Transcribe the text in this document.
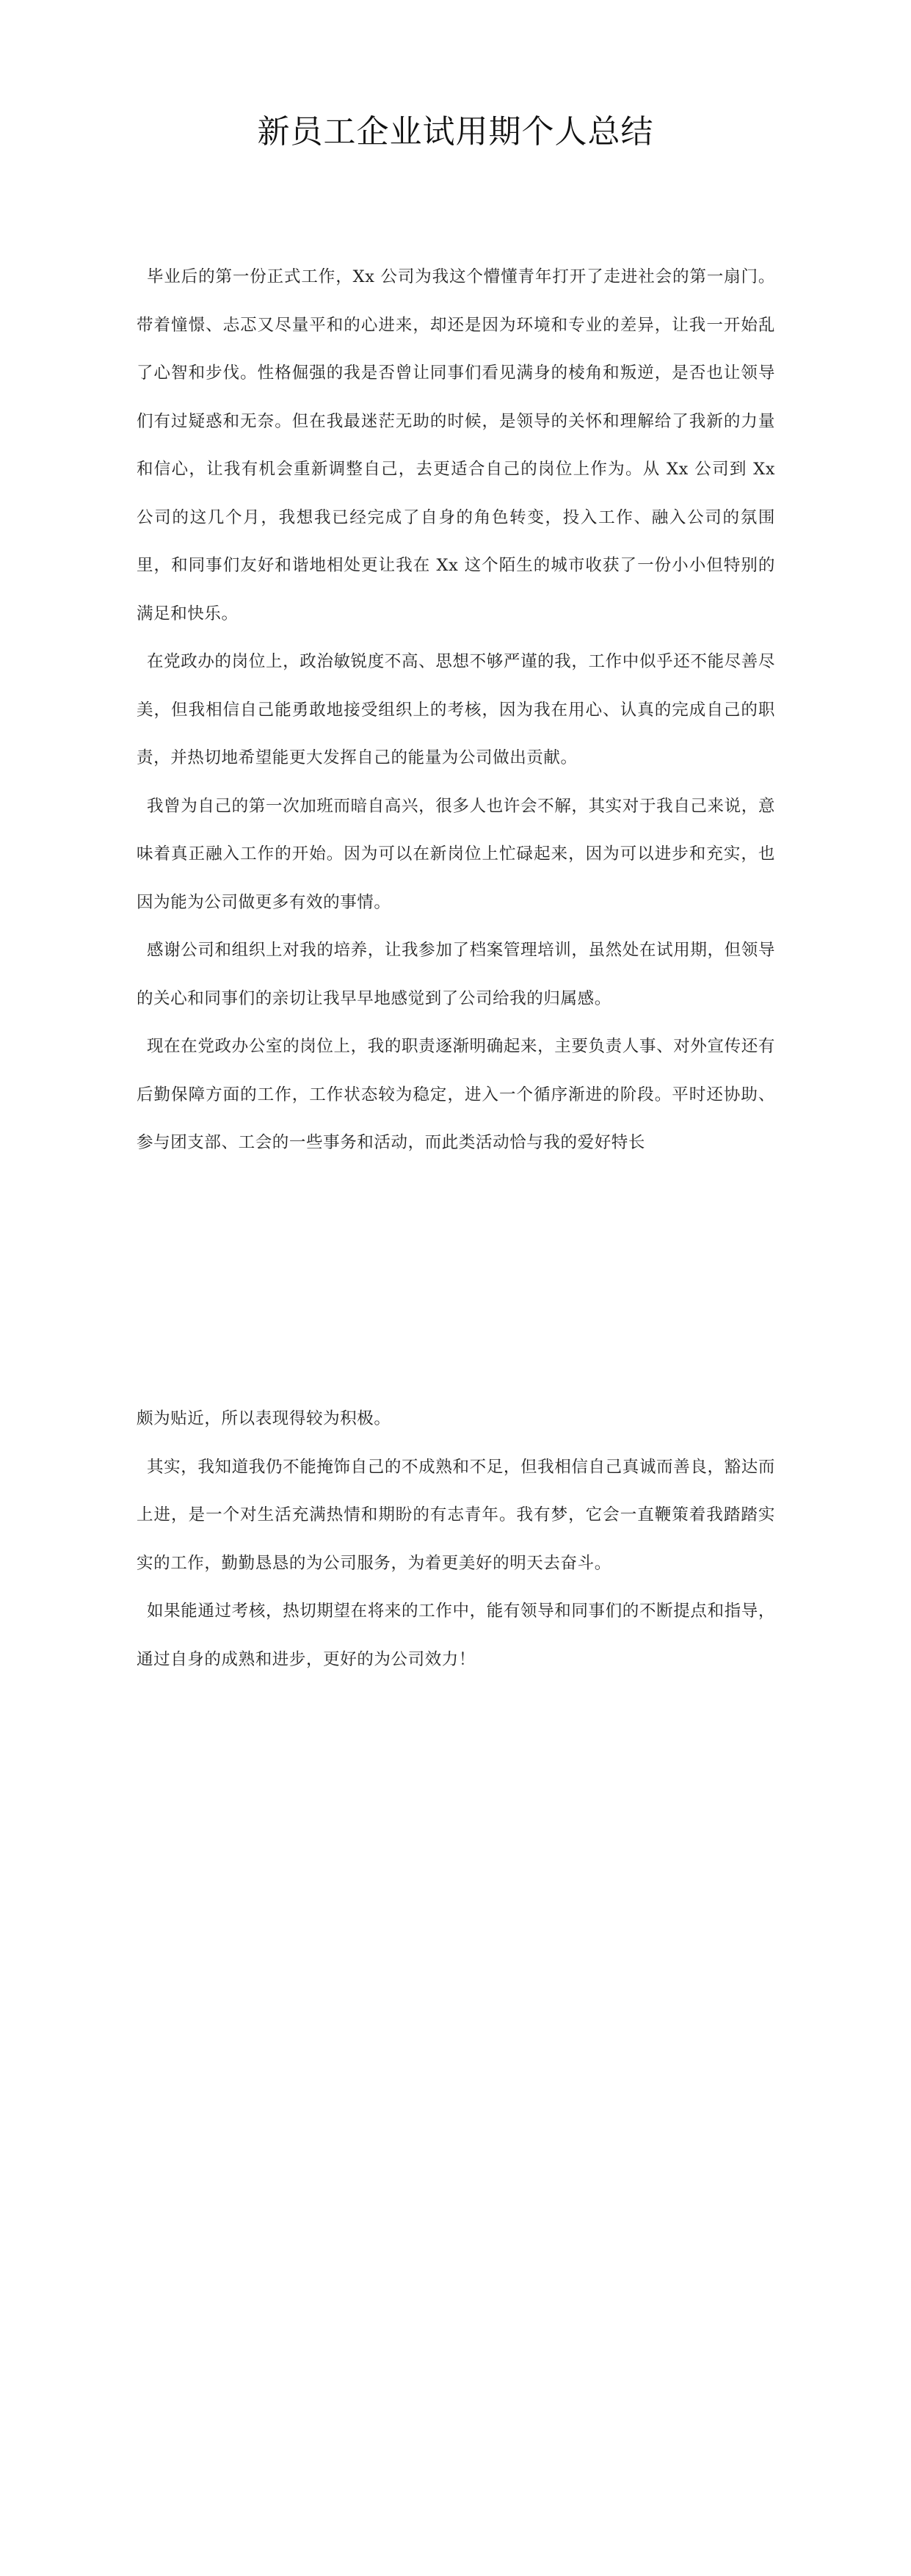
新员工企业试用期个人总结

毕业后的第一份正式工作，Xx 公司为我这个懵懂青年打开了走进社会的第一扇门。带着憧憬、忐忑又尽量平和的心进来，却还是因为环境和专业的差异，让我一开始乱了心智和步伐。性格倔强的我是否曾让同事们看见满身的棱角和叛逆，是否也让领导们有过疑惑和无奈。但在我最迷茫无助的时候，是领导的关怀和理解给了我新的力量和信心，让我有机会重新调整自己，去更适合自己的岗位上作为。从 Xx 公司到 Xx 公司的这几个月，我想我已经完成了自身的角色转变，投入工作、融入公司的氛围里，和同事们友好和谐地相处更让我在 Xx 这个陌生的城市收获了一份小小但特别的满足和快乐。

在党政办的岗位上，政治敏锐度不高、思想不够严谨的我，工作中似乎还不能尽善尽美，但我相信自己能勇敢地接受组织上的考核，因为我在用心、认真的完成自己的职责，并热切地希望能更大发挥自己的能量为公司做出贡献。

我曾为自己的第一次加班而暗自高兴，很多人也许会不解，其实对于我自己来说，意味着真正融入工作的开始。因为可以在新岗位上忙碌起来，因为可以进步和充实，也因为能为公司做更多有效的事情。

感谢公司和组织上对我的培养，让我参加了档案管理培训，虽然处在试用期，但领导的关心和同事们的亲切让我早早地感觉到了公司给我的归属感。

现在在党政办公室的岗位上，我的职责逐渐明确起来，主要负责人事、对外宣传还有后勤保障方面的工作，工作状态较为稳定，进入一个循序渐进的阶段。平时还协助、参与团支部、工会的一些事务和活动，而此类活动恰与我的爱好特长

颇为贴近，所以表现得较为积极。

其实，我知道我仍不能掩饰自己的不成熟和不足，但我相信自己真诚而善良，豁达而上进，是一个对生活充满热情和期盼的有志青年。我有梦，它会一直鞭策着我踏踏实实的工作，勤勤恳恳的为公司服务，为着更美好的明天去奋斗。

如果能通过考核，热切期望在将来的工作中，能有领导和同事们的不断提点和指导，通过自身的成熟和进步，更好的为公司效力！
